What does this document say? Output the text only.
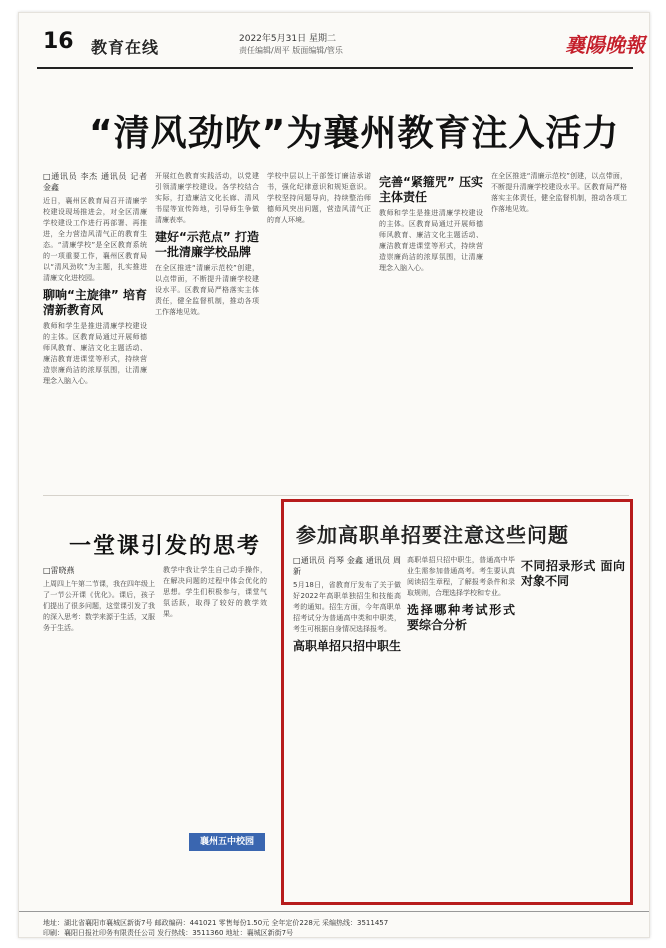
16 教育在线	2022年5月31日 星期二
责任编辑/周平 版面编辑/管乐	襄陽晚報
“清风劲吹”为襄州教育注入活力
□通讯员 李杰 通讯员 记者 金鑫
近日，襄州区教育局召开清廉学校建设现场推进会，对全区清廉学校建设工作进行再部署、再推进，全力营造风清气正的教育生态。“清廉学校”是全区教育系统的一项重要工作，襄州区教育局以“清风劲吹”为主题，扎实推进清廉文化进校园。
聊响“主旋律” 培育清新教育风
教师和学生是推进清廉学校建设的主体。区教育局通过开展师德师风教育、廉洁文化主题活动、廉洁教育进课堂等形式，持续营造崇廉尚洁的浓厚氛围，让清廉理念入脑入心。
开展红色教育实践活动，以党建引领清廉学校建设。各学校结合实际，打造廉洁文化长廊、清风书屋等宣传阵地，引导师生争做清廉表率。
建好“示范点” 打造一批清廉学校品牌
在全区推进“清廉示范校”创建，以点带面，不断提升清廉学校建设水平。区教育局严格落实主体责任，健全监督机制，推动各项工作落地见效。
学校中层以上干部签订廉洁承诺书，强化纪律意识和规矩意识。学校坚持问题导向，持续整治师德师风突出问题，营造风清气正的育人环境。
完善“紧箍咒” 压实主体责任
教师和学生是推进清廉学校建设的主体。区教育局通过开展师德师风教育、廉洁文化主题活动、廉洁教育进课堂等形式，持续营造崇廉尚洁的浓厚氛围，让清廉理念入脑入心。
在全区推进“清廉示范校”创建，以点带面，不断提升清廉学校建设水平。区教育局严格落实主体责任，健全监督机制，推动各项工作落地见效。
一堂课引发的思考
□雷晓燕
上周四上午第二节课，我在四年级上了一节公开课《优化》。课后，孩子们提出了很多问题，这堂课引发了我的深入思考：数学来源于生活，又服务于生活。
教学中我让学生自己动手操作，在解决问题的过程中体会优化的思想。学生们积极参与，课堂气氛活跃，取得了较好的教学效果。
襄州五中校园
参加高职单招要注意这些问题
□通讯员 肖琴 金鑫 通讯员 周新
5月18日，省教育厅发布了关于做好2022年高职单独招生和技能高考的通知。招生方面，今年高职单招考试分为普通高中类和中职类，考生可根据自身情况选择报考。
高职单招只招中职生
高职单招只招中职生，普通高中毕业生需参加普通高考。考生要认真阅读招生章程，了解报考条件和录取规则，合理选择学校和专业。
选择哪种考试形式 要综合分析
不同招录形式 面向对象不同
地址：湖北省襄阳市襄城区新街7号 邮政编码：441021 零售每份1.50元 全年定价228元 采编热线：3511457
印刷：襄阳日报社印务有限责任公司 发行热线：3511360 地址：襄城区新街7号
